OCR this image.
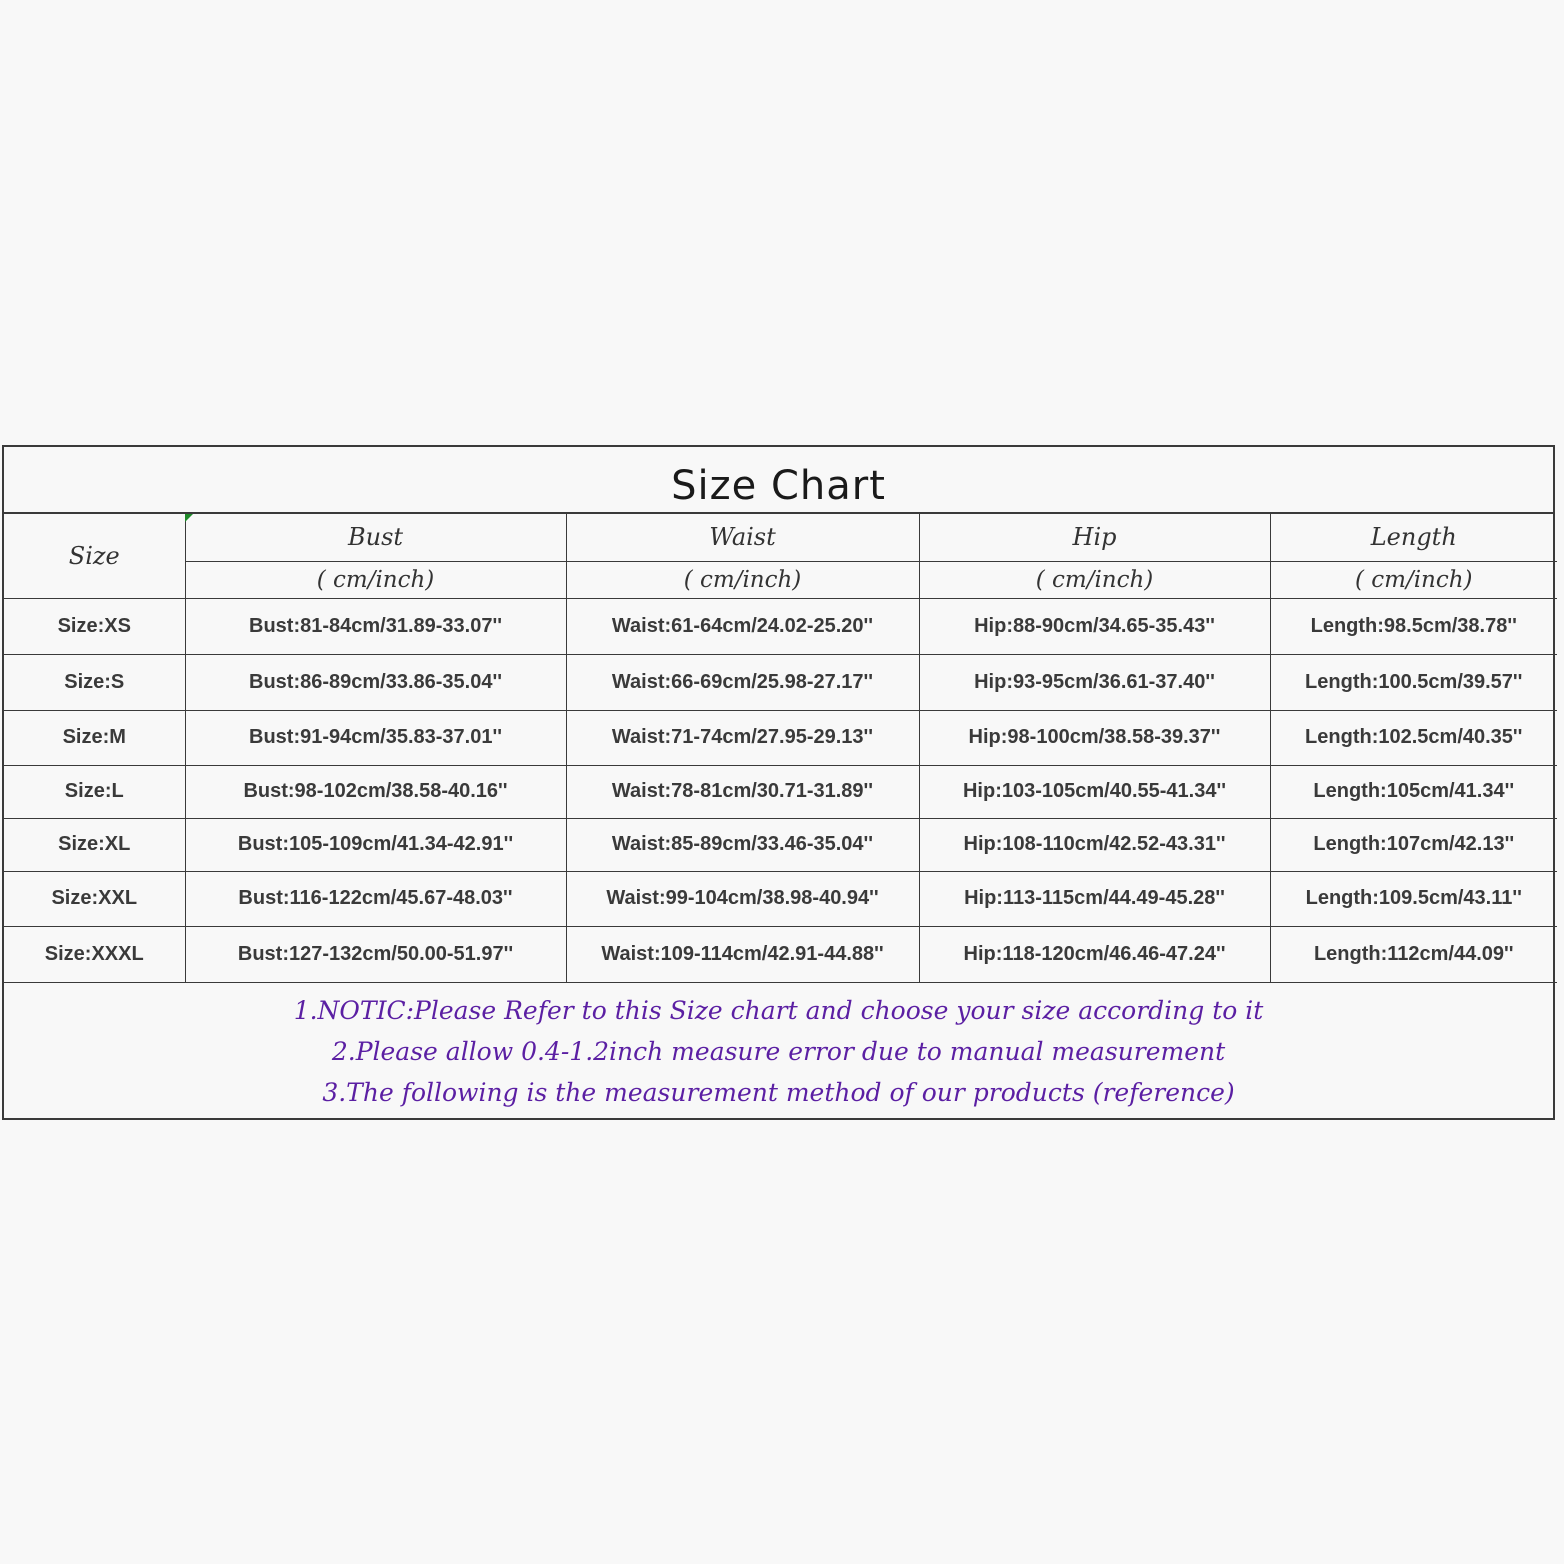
Size Chart
Size	Bust	Waist	Hip	Length
	( cm/inch)	( cm/inch)	( cm/inch)	( cm/inch)
Size:XS	Bust:81-84cm/31.89-33.07''	Waist:61-64cm/24.02-25.20''	Hip:88-90cm/34.65-35.43''	Length:98.5cm/38.78''
Size:S	Bust:86-89cm/33.86-35.04''	Waist:66-69cm/25.98-27.17''	Hip:93-95cm/36.61-37.40''	Length:100.5cm/39.57''
Size:M	Bust:91-94cm/35.83-37.01''	Waist:71-74cm/27.95-29.13''	Hip:98-100cm/38.58-39.37''	Length:102.5cm/40.35''
Size:L	Bust:98-102cm/38.58-40.16''	Waist:78-81cm/30.71-31.89''	Hip:103-105cm/40.55-41.34''	Length:105cm/41.34''
Size:XL	Bust:105-109cm/41.34-42.91''	Waist:85-89cm/33.46-35.04''	Hip:108-110cm/42.52-43.31''	Length:107cm/42.13''
Size:XXL	Bust:116-122cm/45.67-48.03''	Waist:99-104cm/38.98-40.94''	Hip:113-115cm/44.49-45.28''	Length:109.5cm/43.11''
Size:XXXL	Bust:127-132cm/50.00-51.97''	Waist:109-114cm/42.91-44.88''	Hip:118-120cm/46.46-47.24''	Length:112cm/44.09''
1.NOTIC:Please Refer to this Size chart and choose your size according to it
2.Please allow 0.4-1.2inch measure error due to manual measurement
3.The following is the measurement method of our products (reference)
